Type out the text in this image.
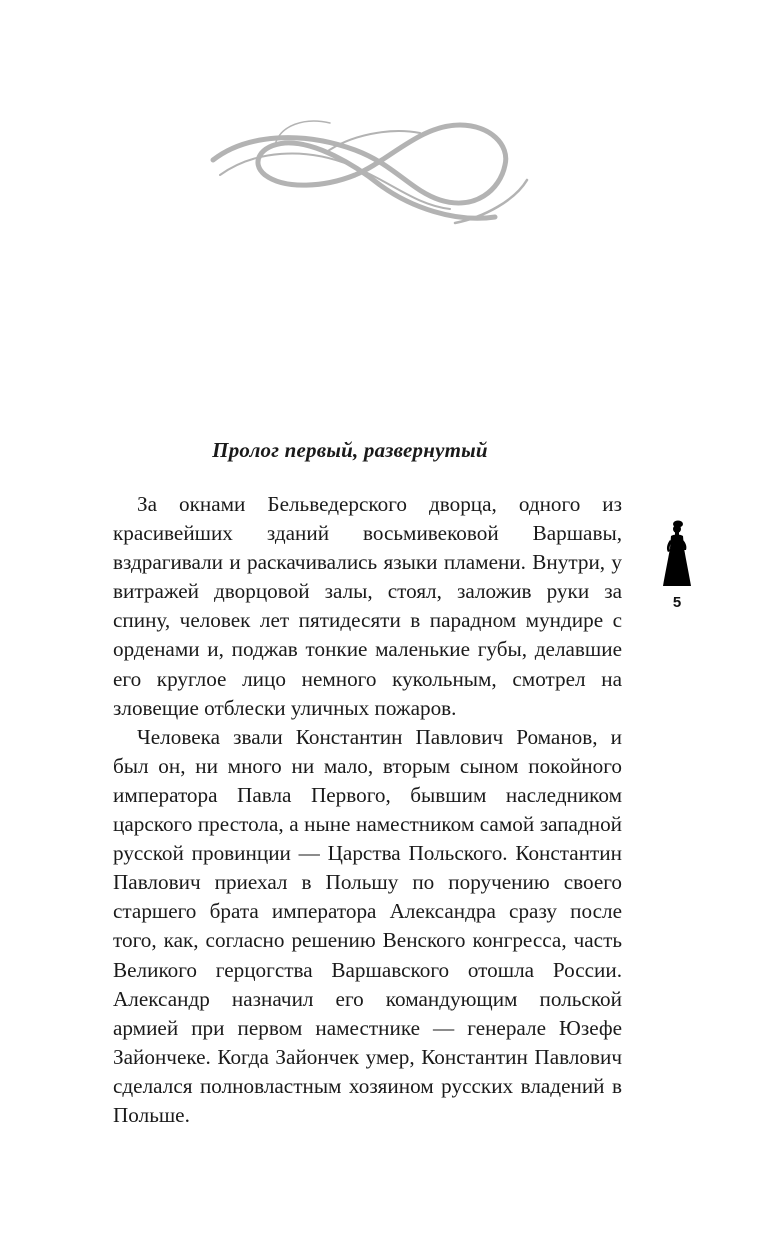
Пролог первый, развернутый

За окнами Бельведерского дворца, одного из красивейших зданий восьмивековой Варшавы, вздрагивали и раскачивались языки пламени. Внутри, у витражей дворцовой залы, стоял, заложив руки за спину, человек лет пятидесяти в парадном мундире с орденами и, поджав тонкие маленькие губы, делавшие его круглое лицо немного кукольным, смотрел на зловещие отблески уличных пожаров.

Человека звали Константин Павлович Романов, и был он, ни много ни мало, вторым сыном покойного императора Павла Первого, бывшим наследником царского престола, а ныне наместником самой западной русской провинции — Царства Польского. Константин Павлович приехал в Польшу по поручению своего старшего брата императора Александра сразу после того, как, согласно решению Венского конгресса, часть Великого герцогства Варшавского отошла России. Александр назначил его командующим польской армией при первом наместнике — генерале Юзефе Зайончеке. Когда Зайончек умер, Константин Павлович сделался полновластным хозяином русских владений в Польше.

5
